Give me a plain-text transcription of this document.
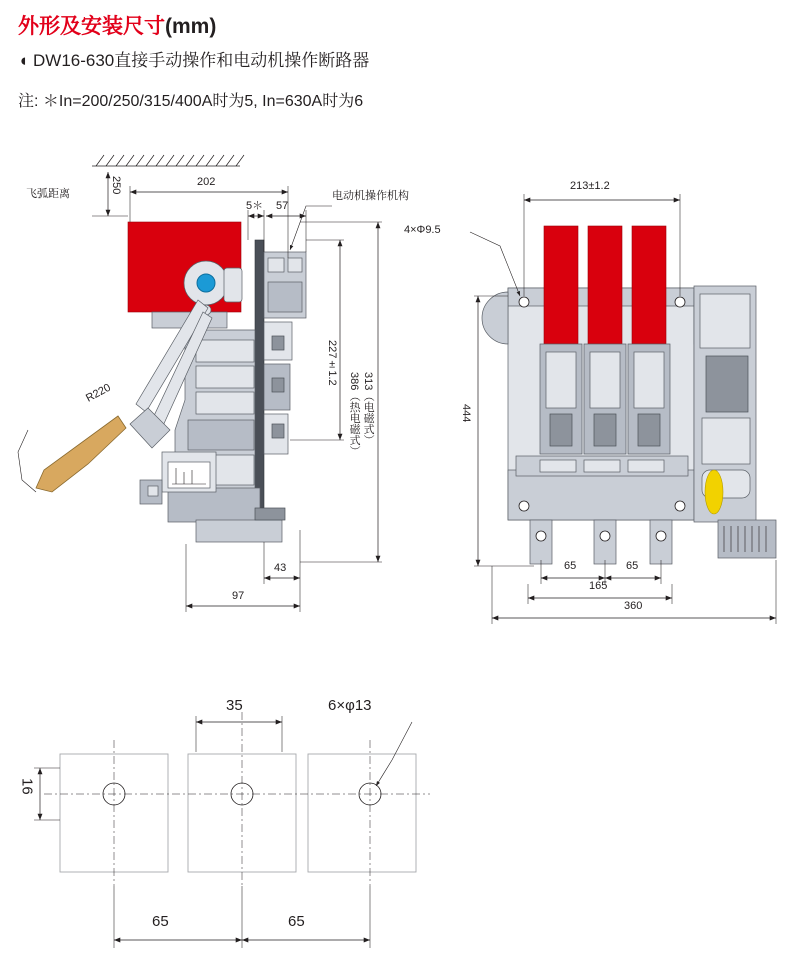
外形及安装尺寸(mm)
◖ DW16-630直接手动操作和电动机操作断路器
注: ＊In=200/250/315/400A时为5, In=630A时为6
飞弧距离	250	202
5＊ 57
电动机操作机构
R220
227±1.2
386（热电磁式） 313（电磁式）
43
97
213±1.2
4×Φ9.5
444
65	65
165
360
35	6×φ13
16
65	65
